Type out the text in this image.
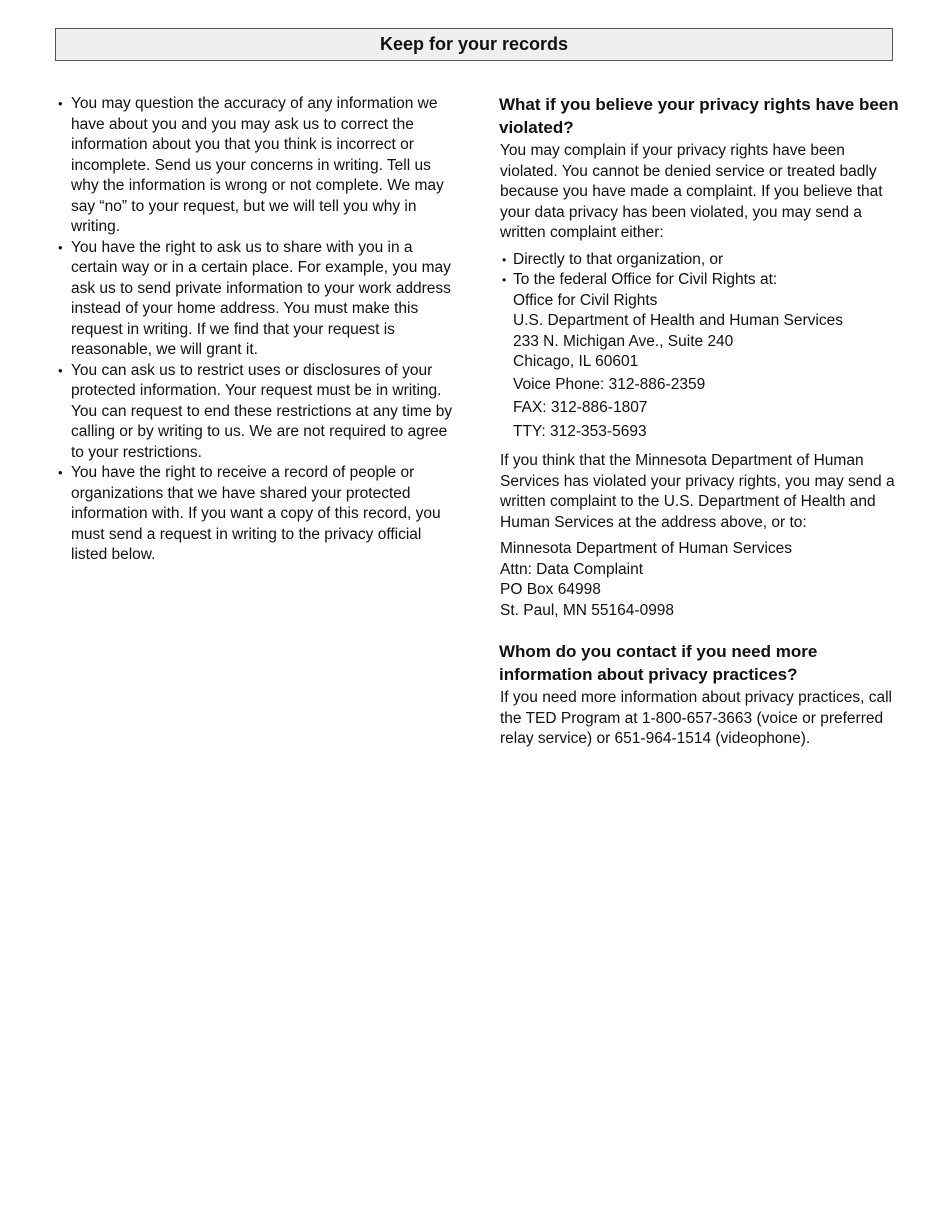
Keep for your records
• You may question the accuracy of any information we have about you and you may ask us to correct the information about you that you think is incorrect or incomplete. Send us your concerns in writing. Tell us why the information is wrong or not complete. We may say “no” to your request, but we will tell you why in writing.
• You have the right to ask us to share with you in a certain way or in a certain place. For example, you may ask us to send private information to your work address instead of your home address. You must make this request in writing. If we find that your request is reasonable, we will grant it.
• You can ask us to restrict uses or disclosures of your protected information. Your request must be in writing. You can request to end these restrictions at any time by calling or by writing to us. We are not required to agree to your restrictions.
• You have the right to receive a record of people or organizations that we have shared your protected information with. If you want a copy of this record, you must send a request in writing to the privacy official listed below.
What if you believe your privacy rights have been violated?

You may complain if your privacy rights have been violated. You cannot be denied service or treated badly because you have made a complaint. If you believe that your data privacy has been violated, you may send a written complaint either:

• Directly to that organization, or
• To the federal Office for Civil Rights at:
Office for Civil Rights
U.S. Department of Health and Human Services
233 N. Michigan Ave., Suite 240
Chicago, IL 60601
Voice Phone: 312-886-2359
FAX: 312-886-1807
TTY: 312-353-5693

If you think that the Minnesota Department of Human Services has violated your privacy rights, you may send a written complaint to the U.S. Department of Health and Human Services at the address above, or to:

Minnesota Department of Human Services
Attn: Data Complaint
PO Box 64998
St. Paul, MN 55164-0998
Whom do you contact if you need more information about privacy practices?

If you need more information about privacy practices, call the TED Program at 1-800-657-3663 (voice or preferred relay service) or 651-964-1514 (videophone).
